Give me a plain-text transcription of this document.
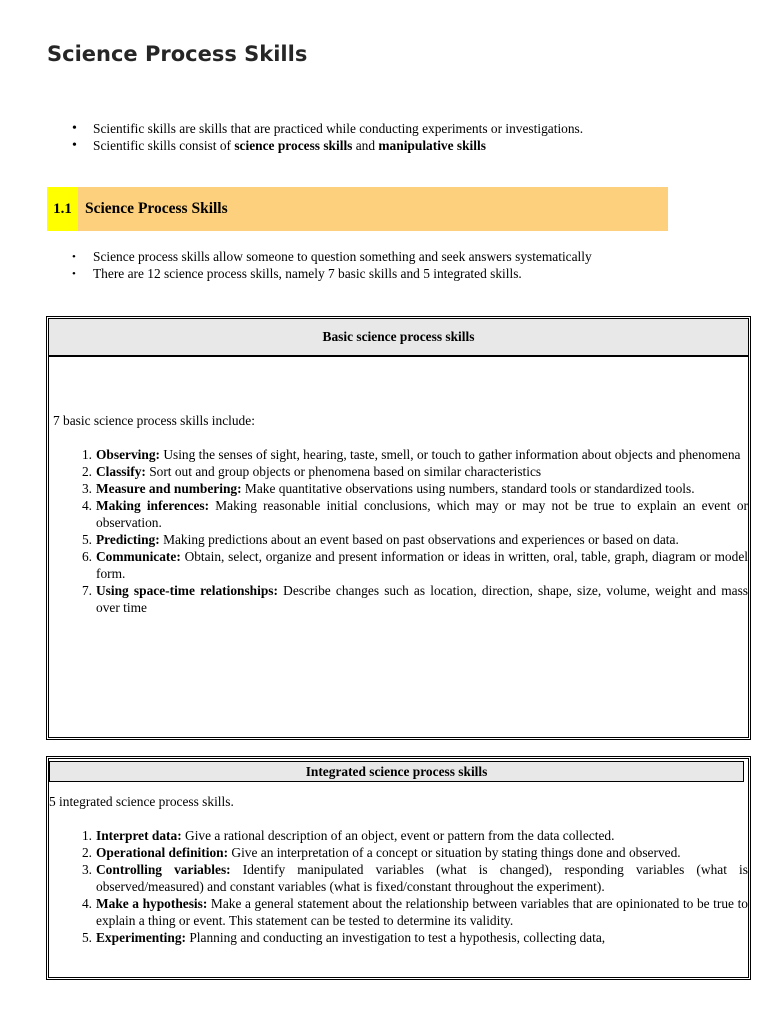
Science Process Skills
• Scientific skills are skills that are practiced while conducting experiments or investigations.
• Scientific skills consist of science process skills and manipulative skills
1.1 Science Process Skills
• Science process skills allow someone to question something and seek answers systematically
• There are 12 science process skills, namely 7 basic skills and 5 integrated skills.
Basic science process skills
7 basic science process skills include:
1. Observing: Using the senses of sight, hearing, taste, smell, or touch to gather information about objects and phenomena
2. Classify: Sort out and group objects or phenomena based on similar characteristics
3. Measure and numbering: Make quantitative observations using numbers, standard tools or standardized tools.
4. Making inferences: Making reasonable initial conclusions, which may or may not be true to explain an event or observation.
5. Predicting: Making predictions about an event based on past observations and experiences or based on data.
6. Communicate: Obtain, select, organize and present information or ideas in written, oral, table, graph, diagram or model form.
7. Using space-time relationships: Describe changes such as location, direction, shape, size, volume, weight and mass over time
Integrated science process skills
5 integrated science process skills.
1. Interpret data: Give a rational description of an object, event or pattern from the data collected.
2. Operational definition: Give an interpretation of a concept or situation by stating things done and observed.
3. Controlling variables: Identify manipulated variables (what is changed), responding variables (what is observed/measured) and constant variables (what is fixed/constant throughout the experiment).
4. Make a hypothesis: Make a general statement about the relationship between variables that are opinionated to be true to explain a thing or event. This statement can be tested to determine its validity.
5. Experimenting: Planning and conducting an investigation to test a hypothesis, collecting data,
